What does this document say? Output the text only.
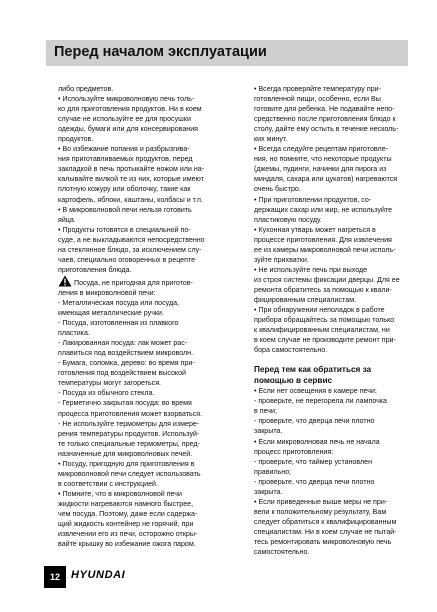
Перед началом эксплуатации

либо предметов.

• Используйте микроволновую печь толь-
ко для приготовления продуктов. Ни в коем
случае не используйте ее для просушки
одежды, бумаги или для консервирования
продуктов.

• Во избежание попания и разбрызгива-
ния приготавливаемых продуктов, перед
закладкой в печь протыкайте ножом или на-
калывайте вилкой те из них, которые имеют
плотную кожуру или оболочку, такие как
картофель, яблоки, каштаны, колбасы и т.п.

• В микроволновой печи нельзя готовить
яйца.

• Продукты готовятся в специальной по-
суде, а не выкладываются непосредственно
на стеклянное блюдо, за исключением слу-
чаев, специально оговоренных в рецепте
приготовления блюда.

Посуда, не пригодная для приготов-
ления в микроволновой печи:

- Металлическая посуда или посуда,
имеющая металлические ручки.

- Посуда, изготовленная из плавкого
пластика.

- Лакированная посуда: лак может рас-
плавиться под воздействием микроволн.

- Бумага, соломка, дерево: во время при-
готовления под воздействием высокой
температуры могут загореться.

- Посуда из обычного стекла.

- Герметично закрытая посуда: во время
процесса приготовления может взорваться.

- Не используйте термометры для измере-
рения температуры продуктов. Используй-
те только специальные термометры, пред-
назначенные для микроволновых печей.

• Посуду, пригодную для приготовления в
микроволновой печи следует использовать
в соответствии с инструкцией.

• Помните, что в микроволновой печи
жидкости нагреваются намного быстрее,
чем посуда. Поэтому, даже если содержа-
щий жидкость контейнер не горячий, при
извлечении его из печи, осторожно откры-
вайте крышку во избежание ожога паром.

• Всегда проверяйте температуру при-
готовленной пищи, особенно, если Вы
готовите для ребенка. Не подавайте непо-
средственно после приготовления блюдо к
столу, дайте ему остыть в течение несколь-
ких минут.

• Всегда следуйте рецептам приготовле-
ния, но помните, что некоторые продукты
(джемы, пудинги, начинки для пирога из
миндаля, сахара или цукатов) нагреваются
очень быстро.

• При приготовлении продуктов, со-
держащих сахар или жир, не используйте
пластиковую посуду.

• Кухонная утварь может нагреться в
процессе приготовления. Для извлечения
ее из камеры микроволновой печи исполь-
зуйте прихватки.

• Не используйте печь при выходе
из строя системы фиксации дверцы. Для ее
ремонта обратитесь за помощью к квали-
фицированным специалистам.

• При обнаружении неполадок в работе
прибора обращайтесь за помощью только
к квалифицированным специалистам, ни
в коем случае не производите ремонт при-
бора самостоятельно.

Перед тем как обратиться за
помощью в сервис

• Если нет освещения в камере печи:

- проверьте, не перегорела ли лампочка
в печи;

- проверьте, что дверца печи плотно
закрыта.

• Если микроволновая печь не начала
процесс приготовления:

- проверьте, что таймер установлен
правильно;

- проверьте, что дверца печи плотно
закрыта.

• Если приведенные выше меры не при-
вели к положительному результату, Вам
следует обратиться к квалифицированным
специалистам. Ни в коем случае не пытай-
тесь ремонтировать микроволновую печь
самостоятельно.

12	HYUNDAI
